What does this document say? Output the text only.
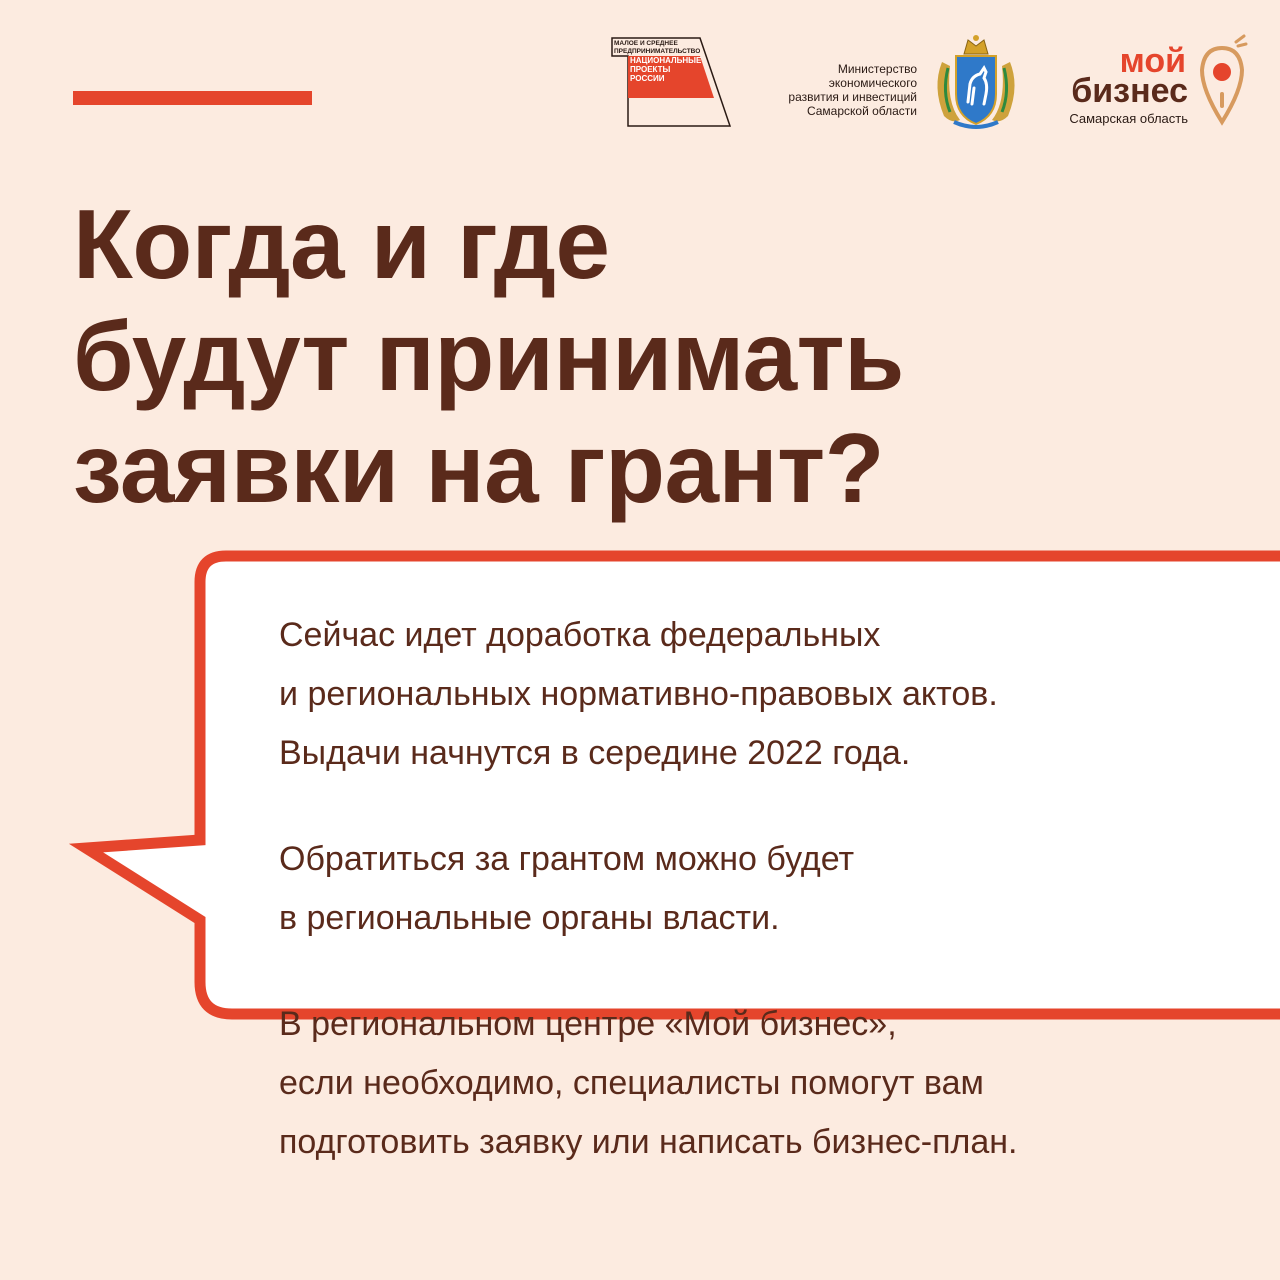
МАЛОЕ И СРЕДНЕЕ
ПРЕДПРИНИМАТЕЛЬСТВО
НАЦИОНАЛЬНЫЕ
ПРОЕКТЫ
РОССИИ
Министерство
экономического
развития и инвестиций
Самарской области
мой
бизнес
Самарская область
Когда и где
будут принимать
заявки на грант?

Сейчас идет доработка федеральных
и региональных нормативно-правовых актов.
Выдачи начнутся в середине 2022 года.

Обратиться за грантом можно будет
в региональные органы власти.

В региональном центре «Мой бизнес»,
если необходимо, специалисты помогут вам
подготовить заявку или написать бизнес-план.
